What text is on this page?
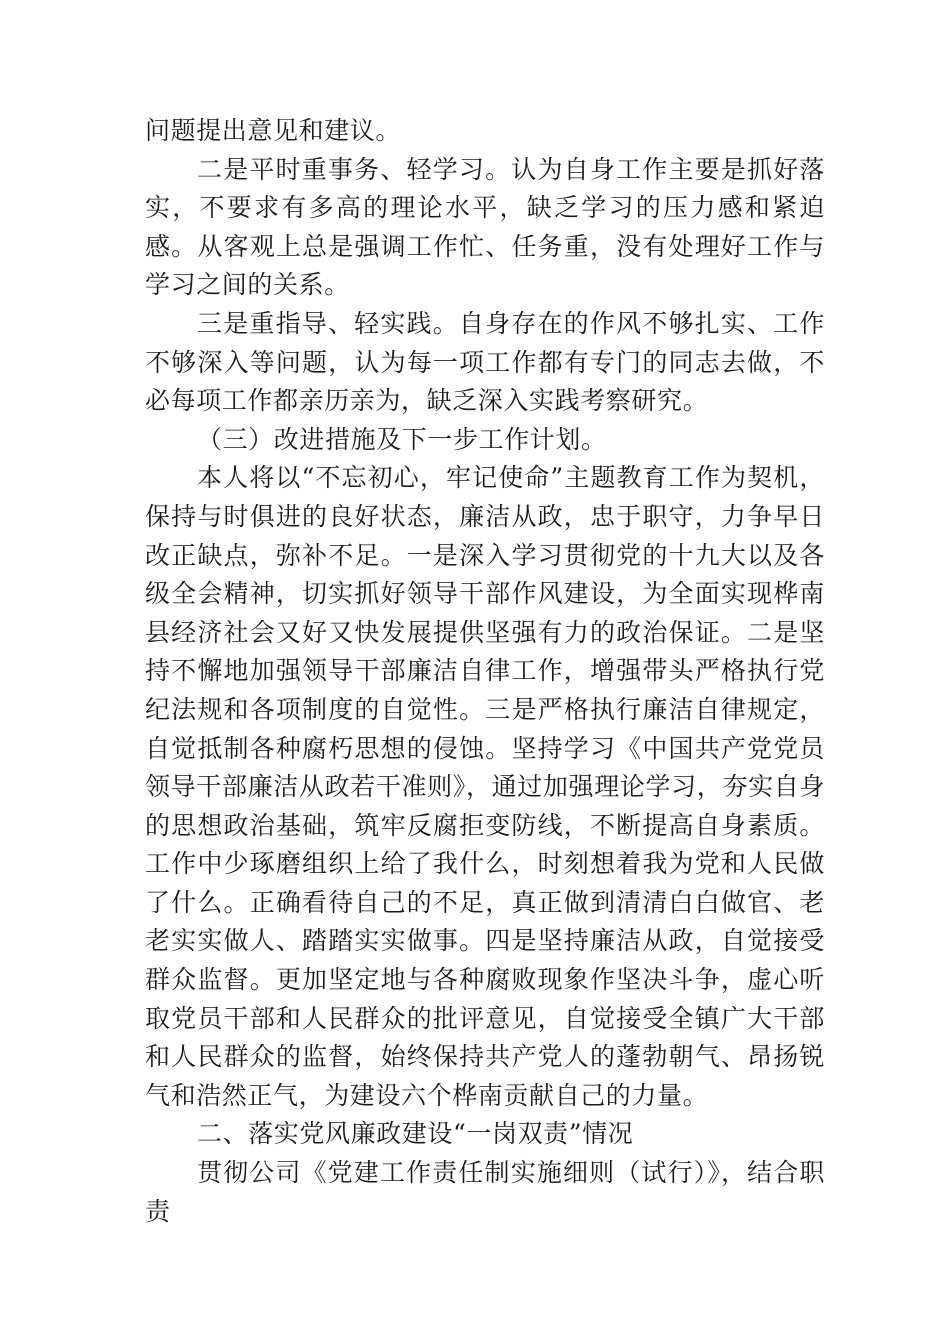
问题提出意见和建议。

二是平时重事务、轻学习。认为自身工作主要是抓好落实，不要求有多高的理论水平，缺乏学习的压力感和紧迫感。从客观上总是强调工作忙、任务重，没有处理好工作与学习之间的关系。

三是重指导、轻实践。自身存在的作风不够扎实、工作不够深入等问题，认为每一项工作都有专门的同志去做，不必每项工作都亲历亲为，缺乏深入实践考察研究。

（三）改进措施及下一步工作计划。

本人将以“不忘初心，牢记使命”主题教育工作为契机，保持与时俱进的良好状态，廉洁从政，忠于职守，力争早日改正缺点，弥补不足。一是深入学习贯彻党的十九大以及各级全会精神，切实抓好领导干部作风建设，为全面实现桦南县经济社会又好又快发展提供坚强有力的政治保证。二是坚持不懈地加强领导干部廉洁自律工作，增强带头严格执行党纪法规和各项制度的自觉性。三是严格执行廉洁自律规定，自觉抵制各种腐朽思想的侵蚀。坚持学习《中国共产党党员领导干部廉洁从政若干准则》，通过加强理论学习，夯实自身的思想政治基础，筑牢反腐拒变防线，不断提高自身素质。工作中少琢磨组织上给了我什么，时刻想着我为党和人民做了什么。正确看待自己的不足，真正做到清清白白做官、老老实实做人、踏踏实实做事。四是坚持廉洁从政，自觉接受群众监督。更加坚定地与各种腐败现象作坚决斗争，虚心听取党员干部和人民群众的批评意见，自觉接受全镇广大干部和人民群众的监督，始终保持共产党人的蓬勃朝气、昂扬锐气和浩然正气，为建设六个桦南贡献自己的力量。

二、落实党风廉政建设“一岗双责”情况

贯彻公司《党建工作责任制实施细则（试行）》，结合职责
